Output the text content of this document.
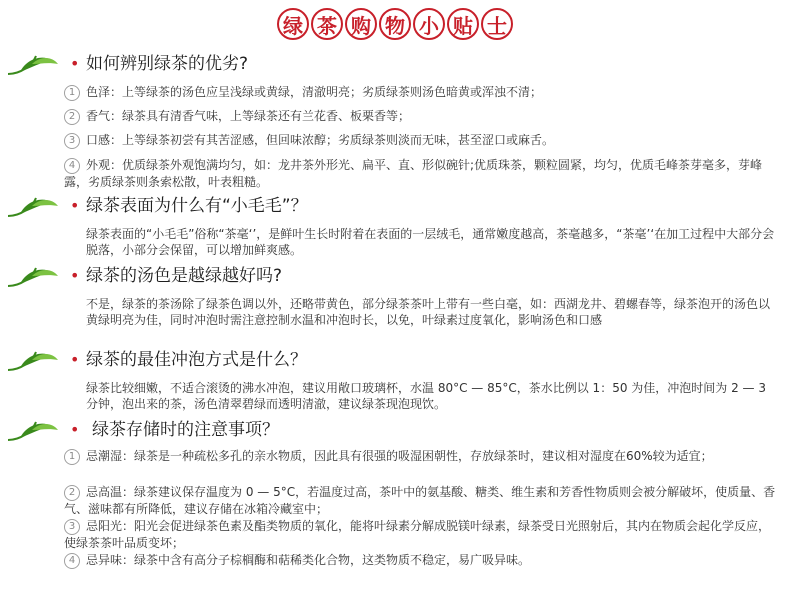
绿 茶 购 物 小 贴 士
• 如何辨别绿茶的优劣?
1 色泽：上等绿茶的汤色应呈浅绿或黄绿，清澈明亮；劣质绿茶则汤色暗黄或浑浊不清；
2 香气：绿茶具有清香气味，上等绿茶还有兰花香、板栗香等；
3 口感：上等绿茶初尝有其苦涩感，但回味浓醇；劣质绿茶则淡而无味，甚至涩口或麻舌。
4 外观：优质绿茶外观饱满均匀，如：龙井茶外形光、扁平、直、形似碗针;优质珠茶，颗粒圆紧，均匀，优质毛峰茶芽毫多，芽峰露，劣质绿茶则条索松散，叶表粗糙。
• 绿茶表面为什么有“小毛毛”？
绿茶表面的“小毛毛”俗称“茶毫‘’，是鲜叶生长时附着在表面的一层绒毛，通常嫩度越高，茶毫越多，“茶毫’‘在加工过程中大部分会脱落，小部分会保留，可以增加鲜爽感。
• 绿茶的汤色是越绿越好吗?
不是，绿茶的茶汤除了绿茶色调以外，还略带黄色，部分绿茶茶叶上带有一些白毫，如：西湖龙井、碧螺春等，绿茶泡开的汤色以黄绿明亮为佳，同时冲泡时需注意控制水温和冲泡时长，以免，叶绿素过度氧化，影响汤色和口感
• 绿茶的最佳冲泡方式是什么？
绿茶比较细嫩，不适合滚烫的沸水冲泡，建议用敞口玻璃杯，水温 80°C — 85°C，茶水比例以 1：50 为佳，冲泡时间为 2 — 3 分钟，泡出来的茶，汤色清翠碧绿而透明清澈，建议绿茶现泡现饮。
• 绿茶存储时的注意事项？
1 忌潮湿：绿茶是一种疏松多孔的亲水物质，因此具有很强的吸湿困朝性，存放绿茶时，建议相对湿度在60%较为适宜；
2 忌高温：绿茶建议保存温度为 0 — 5°C，若温度过高，茶叶中的氨基酸、糖类、维生素和芳香性物质则会被分解破坏，使质量、香气、滋味都有所降低，建议存储在冰箱冷藏室中；
3 忌阳光：阳光会促进绿茶色素及酯类物质的氧化，能将叶绿素分解成脱镁叶绿素，绿茶受日光照射后，其内在物质会起化学反应，使绿茶茶叶品质变坏；
4 忌异味：绿茶中含有高分子棕榈酶和萜稀类化合物，这类物质不稳定，易广吸异味。
